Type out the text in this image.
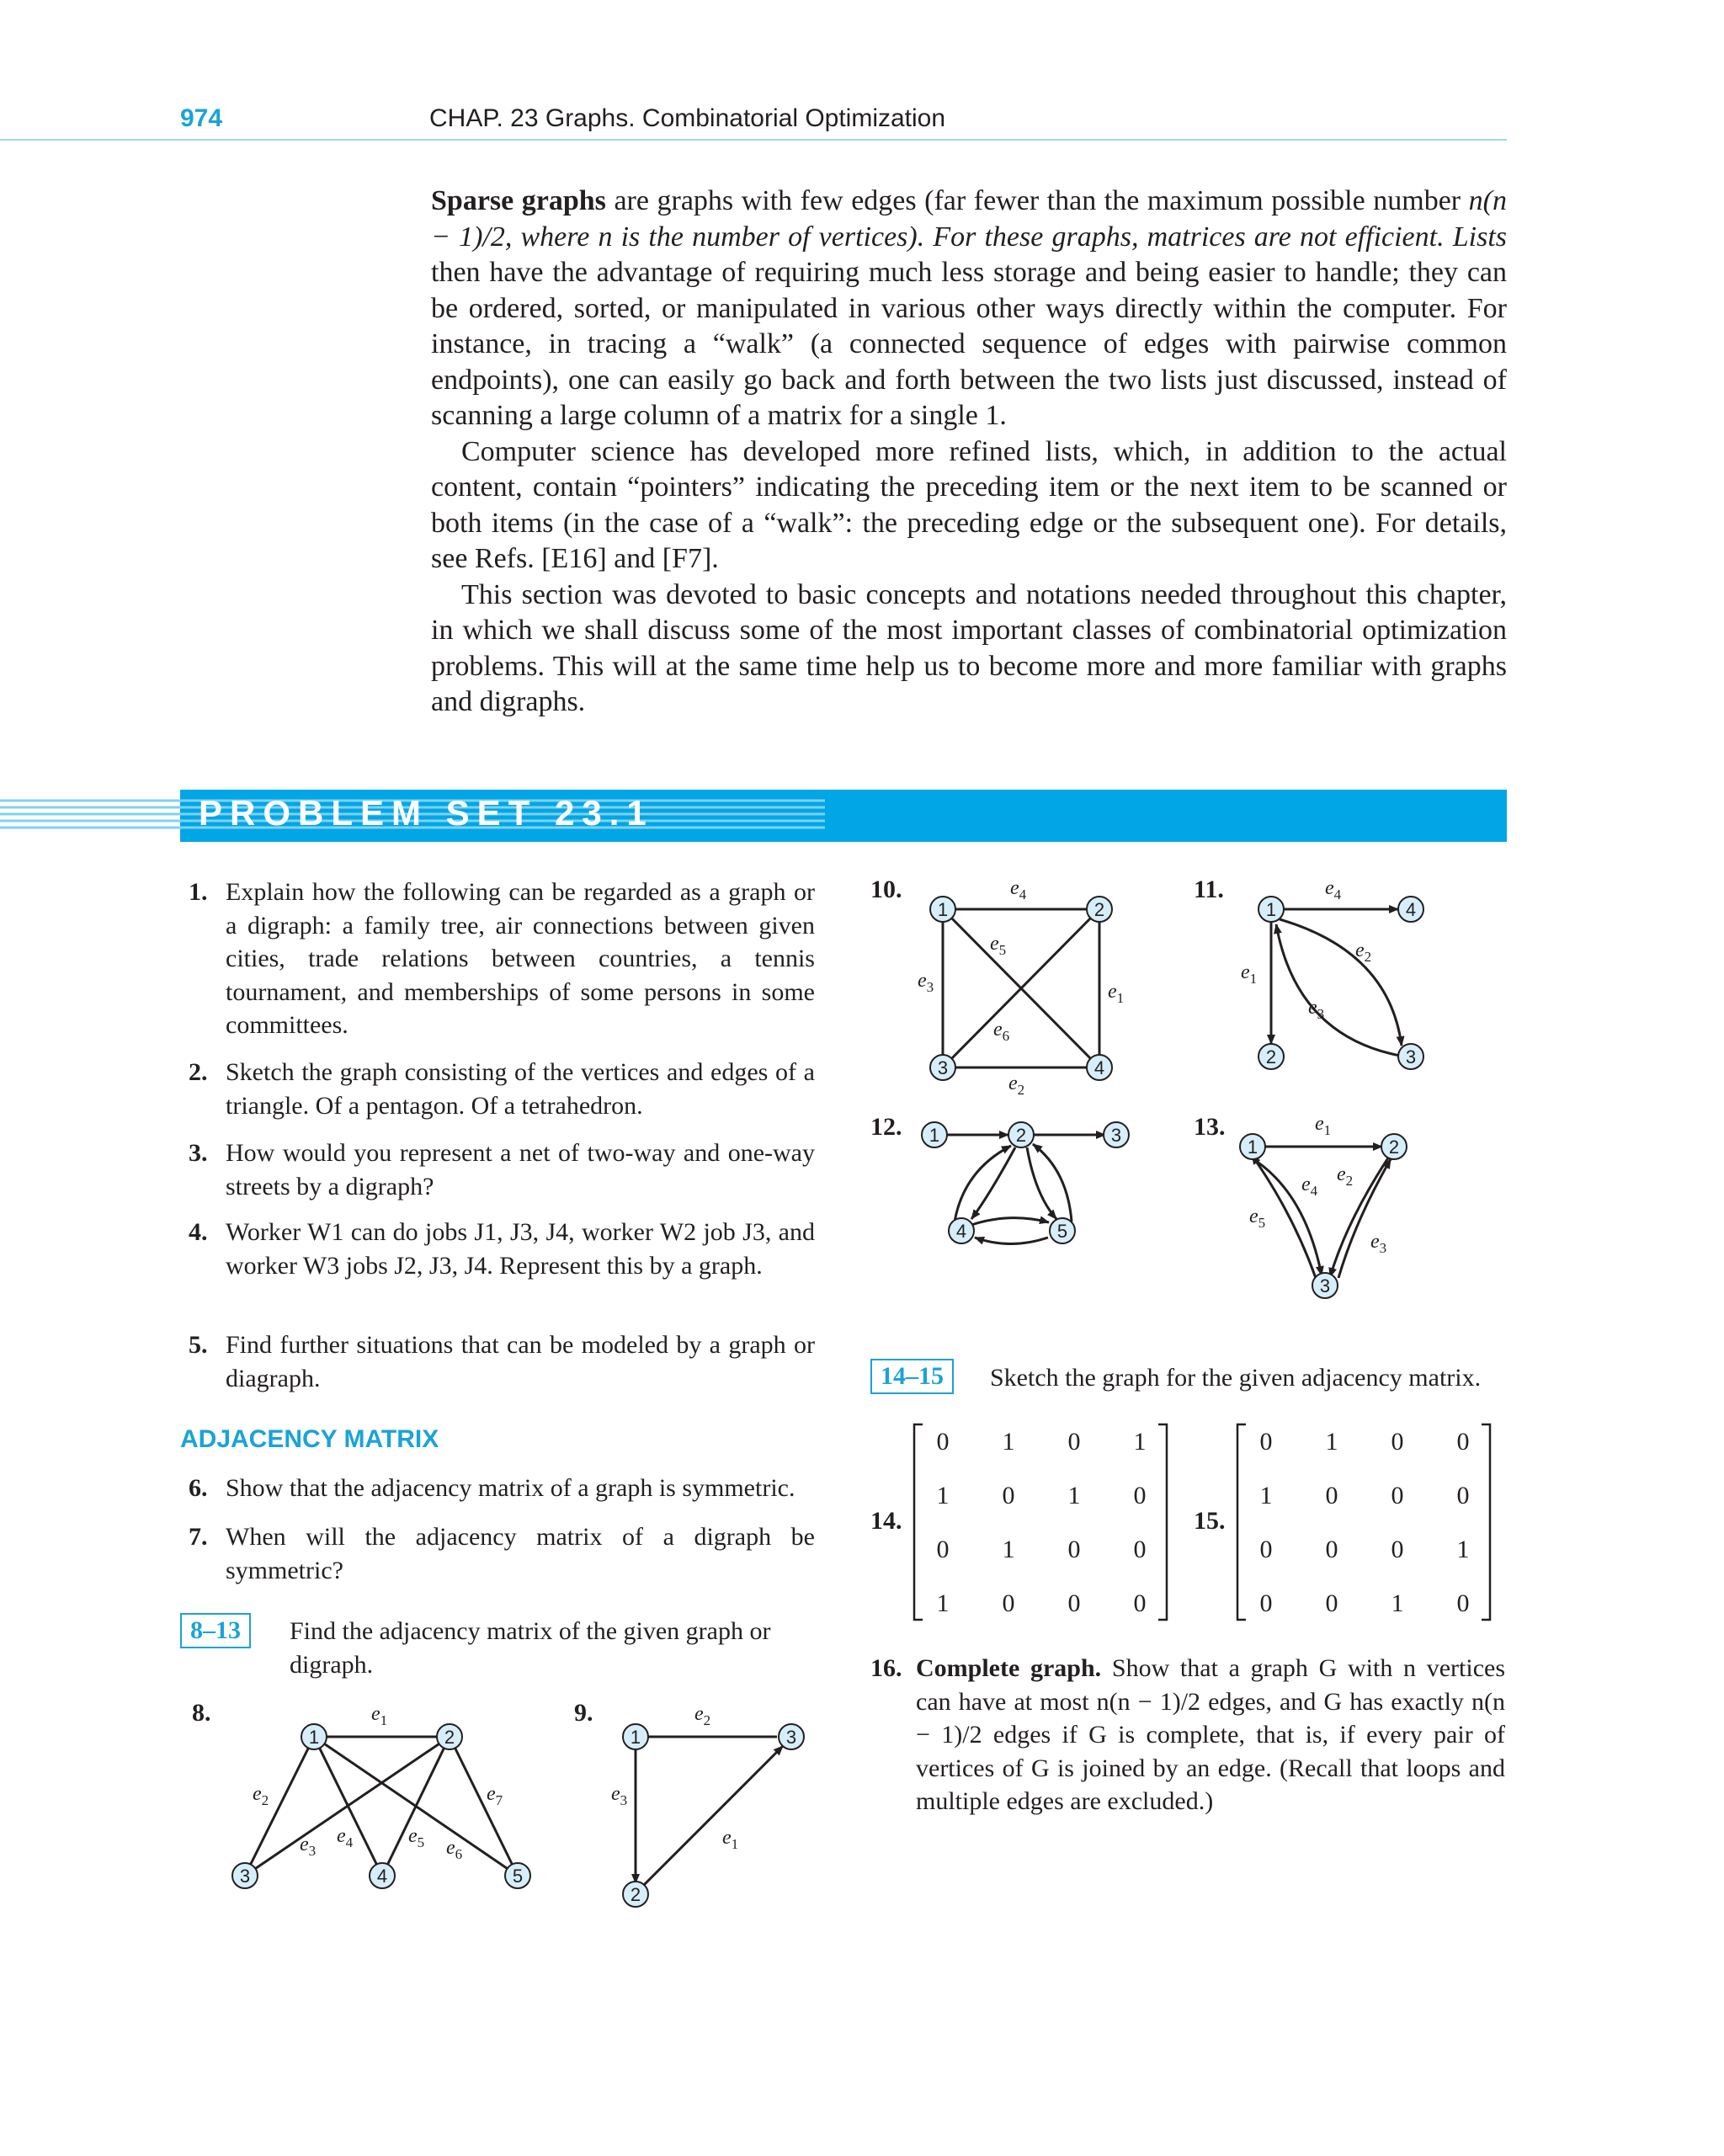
974	CHAP. 23 Graphs. Combinatorial Optimization

Sparse graphs are graphs with few edges (far fewer than the maximum possible number n(n − 1)/2, where n is the number of vertices). For these graphs, matrices are not efficient. Lists then have the advantage of requiring much less storage and being easier to handle; they can be ordered, sorted, or manipulated in various other ways directly within the computer. For instance, in tracing a “walk” (a connected sequence of edges with pairwise common endpoints), one can easily go back and forth between the two lists just discussed, instead of scanning a large column of a matrix for a single 1.

Computer science has developed more refined lists, which, in addition to the actual content, contain “pointers” indicating the preceding item or the next item to be scanned or both items (in the case of a “walk”: the preceding edge or the subsequent one). For details, see Refs. [E16] and [F7].

This section was devoted to basic concepts and notations needed throughout this chapter, in which we shall discuss some of the most important classes of combinatorial optimization problems. This will at the same time help us to become more and more familiar with graphs and digraphs.

PROBLEM SET 23.1
1. Explain how the following can be regarded as a graph or a digraph: a family tree, air connections between given cities, trade relations between countries, a tennis tournament, and memberships of some persons in some committees.
2. Sketch the graph consisting of the vertices and edges of a triangle. Of a pentagon. Of a tetrahedron.
3. How would you represent a net of two-way and one-way streets by a digraph?
4. Worker W1 can do jobs J1, J3, J4, worker W2 job J3, and worker W3 jobs J2, J3, J4. Represent this by a graph.
5. Find further situations that can be modeled by a graph or diagraph.
ADJACENCY MATRIX
6. Show that the adjacency matrix of a graph is symmetric.
7. When will the adjacency matrix of a digraph be symmetric?
8–13	Find the adjacency matrix of the given graph or digraph.
8.
1	2
3	4	5
$e_1$
$e_2$
$e_3$
$e_4$	$e_5$ $e_6$
$e_7$
9.
1
2
3
$e_1$
$e_2$
$e_3$
10.
1	2
3	4
$e_1$
$e_2$
$e_3$
$e_4$
$e_5$
$e_6$
11.
1
2	3
4
$e_1$
$e_2$
$e_3$
$e_4$
12. 1	2	3
4	5
13.
1	2
3
$e_1$
$e_2$
$e_3$
$e_4$
$e_5$
14–15	Sketch the graph for the given adjacency matrix.
14.
0 1 0 1
1 0 1 0
0 1 0 0
1 0 0 0
15.
0 1 0 0
1 0 0 0
0 0 0 1
0 0 1 0
16. Complete graph. Show that a graph G with n vertices can have at most n(n − 1)/2 edges, and G has exactly n(n − 1)/2 edges if G is complete, that is, if every pair of vertices of G is joined by an edge. (Recall that loops and multiple edges are excluded.)
